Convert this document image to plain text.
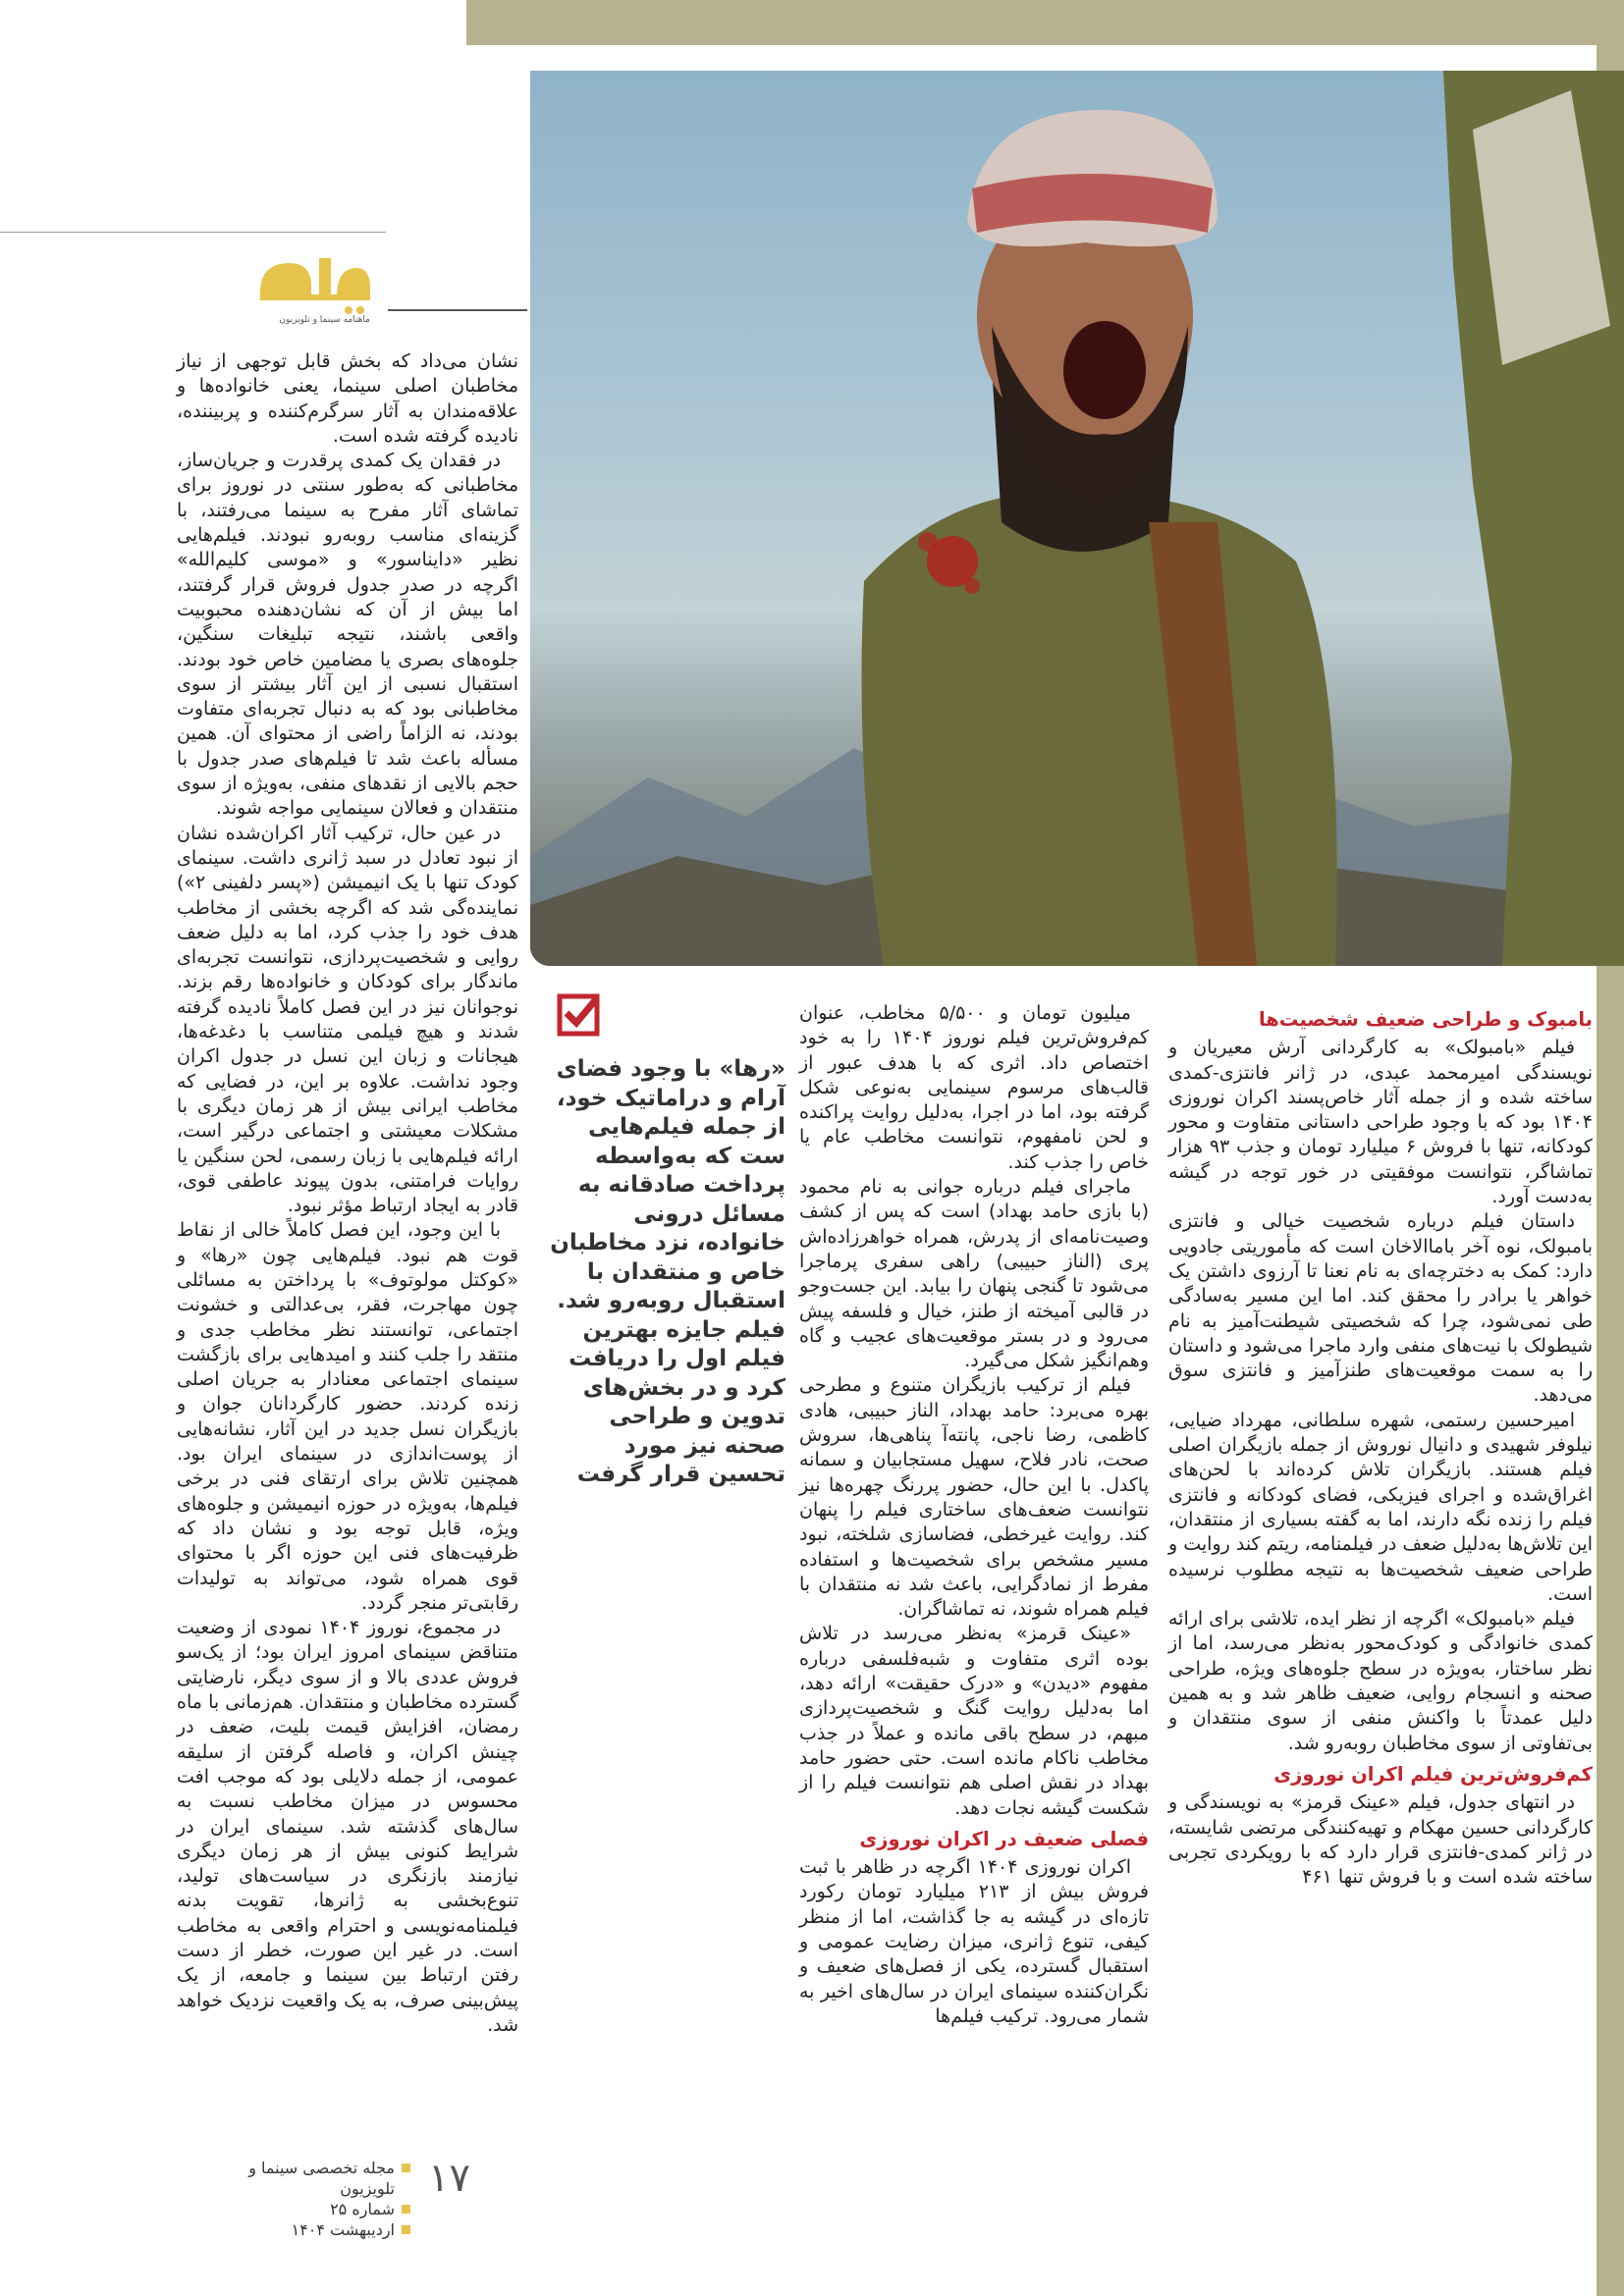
ماهنامه سینما و تلویزیون
«رها» با وجود فضای آرام و دراماتیک خود، از جمله فیلم‌هایی‌ ست که به‌واسطه پرداخت صادقانه به مسائل درونی خانواده، نزد مخاطبان خاص و منتقدان با استقبال روبه‌رو شد. فیلم جایزه بهترین فیلم اول را دریافت کرد و در بخش‌های تدوین و طراحی صحنه نیز مورد تحسین قرار گرفت
بامبوک و طراحی ضعیف شخصیت‌ها

فیلم «بامبولک» به کارگردانی آرش معیریان و نویسندگی امیرمحمد عبدی، در ژانر فانتزی-کمدی ساخته شده و از جمله آثار خاص‌پسند اکران نوروزی ۱۴۰۴ بود که با وجود طراحی داستانی متفاوت و محور کودکانه، تنها با فروش ۶ میلیارد تومان و جذب ۹۳ هزار تماشاگر، نتوانست موفقیتی در خور توجه در گیشه به‌دست آورد.

داستان فیلم درباره شخصیت خیالی و فانتزی بامبولک، نوه آخر باماالاخان است که مأموریتی جادویی دارد: کمک به دخترچه‌ای به نام نعنا تا آرزوی داشتن یک خواهر یا برادر را محقق کند. اما این مسیر به‌سادگی طی نمی‌شود، چرا که شخصیتی شیطنت‌آمیز به نام شیطولک با نیت‌های منفی وارد ماجرا می‌شود و داستان را به سمت موقعیت‌های طنزآمیز و فانتزی سوق می‌دهد.

امیرحسین رستمی، شهره سلطانی، مهرداد ضیایی، نیلوفر شهیدی و دانیال نوروش از جمله بازیگران اصلی فیلم هستند. بازیگران تلاش کرده‌اند با لحن‌های اغراق‌شده و اجرای فیزیکی، فضای کودکانه و فانتزی فیلم را زنده نگه دارند، اما به گفته بسیاری از منتقدان، این تلاش‌ها به‌دلیل ضعف در فیلمنامه، ریتم کند روایت و طراحی ضعیف شخصیت‌ها به نتیجه مطلوب نرسیده است.

فیلم «بامبولک» اگرچه از نظر ایده، تلاشی برای ارائه کمدی خانوادگی و کودک‌محور به‌نظر می‌رسد، اما از نظر ساختار، به‌ویژه در سطح جلوه‌های ویژه، طراحی صحنه و انسجام روایی، ضعیف ظاهر شد و به همین دلیل عمدتاً با واکنش منفی از سوی منتقدان و بی‌تفاوتی از سوی مخاطبان روبه‌رو شد.

کم‌فروش‌ترین فیلم اکران نوروزی

در انتهای جدول، فیلم «عینک قرمز» به نویسندگی و کارگردانی حسین مهکام و تهیه‌کنندگی مرتضی شایسته، در ژانر کمدی-فانتزی قرار دارد که با رویکردی تجربی ساخته شده است و با فروش تنها ۴۶۱

میلیون تومان و ۵/۵۰۰ مخاطب، عنوان کم‌فروش‌ترین فیلم نوروز ۱۴۰۴ را به خود اختصاص داد. اثری که با هدف عبور از قالب‌های مرسوم سینمایی به‌نوعی شکل گرفته بود، اما در اجرا، به‌دلیل روایت پراکنده و لحن نامفهوم، نتوانست مخاطب عام یا خاص را جذب کند.

ماجرای فیلم درباره جوانی به نام محمود (با بازی حامد بهداد) است که پس از کشف وصیت‌نامه‌ای از پدرش، همراه خواهرزاده‌اش پری (الناز حبیبی) راهی سفری پرماجرا می‌شود تا گنجی پنهان را بیابد. این جست‌وجو در قالبی آمیخته از طنز، خیال و فلسفه پیش می‌رود و در بستر موقعیت‌های عجیب و گاه وهم‌انگیز شکل می‌گیرد.

فیلم از ترکیب بازیگران متنوع و مطرحی بهره می‌برد: حامد بهداد، الناز حبیبی، هادی کاظمی، رضا ناجی، پانته‌آ پناهی‌ها، سروش صحت، نادر فلاح، سهیل مستجابیان و سمانه پاکدل. با این حال، حضور پررنگ چهره‌ها نیز نتوانست ضعف‌های ساختاری فیلم را پنهان کند. روایت غیرخطی، فضاسازی شلخته، نبود مسیر مشخص برای شخصیت‌ها و استفاده مفرط از نمادگرایی، باعث شد نه منتقدان با فیلم همراه شوند، نه تماشاگران.

«عینک قرمز» به‌نظر می‌رسد در تلاش بوده اثری متفاوت و شبه‌فلسفی درباره مفهوم «دیدن» و «درک حقیقت» ارائه دهد، اما به‌دلیل روایت گنگ و شخصیت‌پردازی مبهم، در سطح باقی مانده و عملاً در جذب مخاطب ناکام مانده است. حتی حضور حامد بهداد در نقش اصلی هم نتوانست فیلم را از شکست گیشه نجات دهد.

فصلی ضعیف در اکران نوروزی

اکران نوروزی ۱۴۰۴ اگرچه در ظاهر با ثبت فروش بیش از ۲۱۳ میلیارد تومان رکورد تازه‌ای در گیشه به جا گذاشت، اما از منظر کیفی، تنوع ژانری، میزان رضایت عمومی و استقبال گسترده، یکی از فصل‌های ضعیف و نگران‌کننده سینمای ایران در سال‌های اخیر به شمار می‌رود. ترکیب فیلم‌ها

نشان می‌داد که بخش قابل توجهی از نیاز مخاطبان اصلی سینما، یعنی خانواده‌ها و علاقه‌مندان به آثار سرگرم‌کننده و پربیننده، نادیده گرفته شده است.

در فقدان یک کمدی پرقدرت و جریان‌ساز، مخاطبانی که به‌طور سنتی در نوروز برای تماشای آثار مفرح به سینما می‌رفتند، با گزینه‌ای مناسب روبه‌رو نبودند. فیلم‌هایی نظیر «دایناسور» و «موسی کلیم‌الله» اگرچه در صدر جدول فروش قرار گرفتند، اما بیش از آن که نشان‌دهنده محبوبیت واقعی باشند، نتیجه تبلیغات سنگین، جلوه‌های بصری یا مضامین خاص خود بودند. استقبال نسبی از این آثار بیشتر از سوی مخاطبانی بود که به دنبال تجربه‌ای متفاوت بودند، نه الزاماً راضی از محتوای آن. همین مسأله باعث شد تا فیلم‌های صدر جدول با حجم بالایی از نقدهای منفی، به‌ویژه از سوی منتقدان و فعالان سینمایی مواجه شوند.

در عین حال، ترکیب آثار اکران‌شده نشان از نبود تعادل در سبد ژانری داشت. سینمای کودک تنها با یک انیمیشن («پسر دلفینی ۲») نماینده‌گی شد که اگرچه بخشی از مخاطب هدف خود را جذب کرد، اما به دلیل ضعف روایی و شخصیت‌پردازی، نتوانست تجربه‌ای ماندگار برای کودکان و خانواده‌ها رقم بزند. نوجوانان نیز در این فصل کاملاً نادیده گرفته شدند و هیچ فیلمی متناسب با دغدغه‌ها، هیجانات و زبان این نسل در جدول اکران وجود نداشت. علاوه بر این، در فضایی که مخاطب ایرانی بیش از هر زمان دیگری با مشکلات معیشتی و اجتماعی درگیر است، ارائه فیلم‌هایی با زبان رسمی، لحن سنگین یا روایات فرامتنی، بدون پیوند عاطفی قوی، قادر به ایجاد ارتباط مؤثر نبود.

با این وجود، این فصل کاملاً خالی از نقاط قوت هم نبود. فیلم‌هایی چون «رها» و «کوکتل مولوتوف» با پرداختن به مسائلی چون مهاجرت، فقر، بی‌عدالتی و خشونت اجتماعی، توانستند نظر مخاطب جدی و منتقد را جلب کنند و امیدهایی برای بازگشت سینمای اجتماعی معنادار به جریان اصلی زنده کردند. حضور کارگردانان جوان و بازیگران نسل جدید در این آثار، نشانه‌هایی از پوست‌اندازی در سینمای ایران بود. همچنین تلاش برای ارتقای فنی در برخی فیلم‌ها، به‌ویژه در حوزه انیمیشن و جلوه‌های ویژه، قابل توجه بود و نشان داد که ظرفیت‌های فنی این حوزه اگر با محتوای قوی همراه شود، می‌تواند به تولیدات رقابتی‌تر منجر گردد.

در مجموع، نوروز ۱۴۰۴ نمودی از وضعیت متناقض سینمای امروز ایران بود؛ از یک‌سو فروش عددی بالا و از سوی دیگر، نارضایتی گسترده مخاطبان و منتقدان. هم‌زمانی با ماه رمضان، افزایش قیمت بلیت، ضعف در چینش اکران، و فاصله گرفتن از سلیقه عمومی، از جمله دلایلی بود که موجب افت محسوس در میزان مخاطب نسبت به سال‌های گذشته شد. سینمای ایران در شرایط کنونی بیش از هر زمان دیگری نیازمند بازنگری در سیاست‌های تولید، تنوع‌بخشی به ژانرها، تقویت بدنه فیلمنامه‌نویسی و احترام واقعی به مخاطب است. در غیر این صورت، خطر از دست رفتن ارتباط بین سینما و جامعه، از یک پیش‌بینی صرف، به یک واقعیت نزدیک خواهد شد.

۱۷
مجله تخصصی سینما و تلویزیون
شماره ۲۵
اردیبهشت ۱۴۰۴
